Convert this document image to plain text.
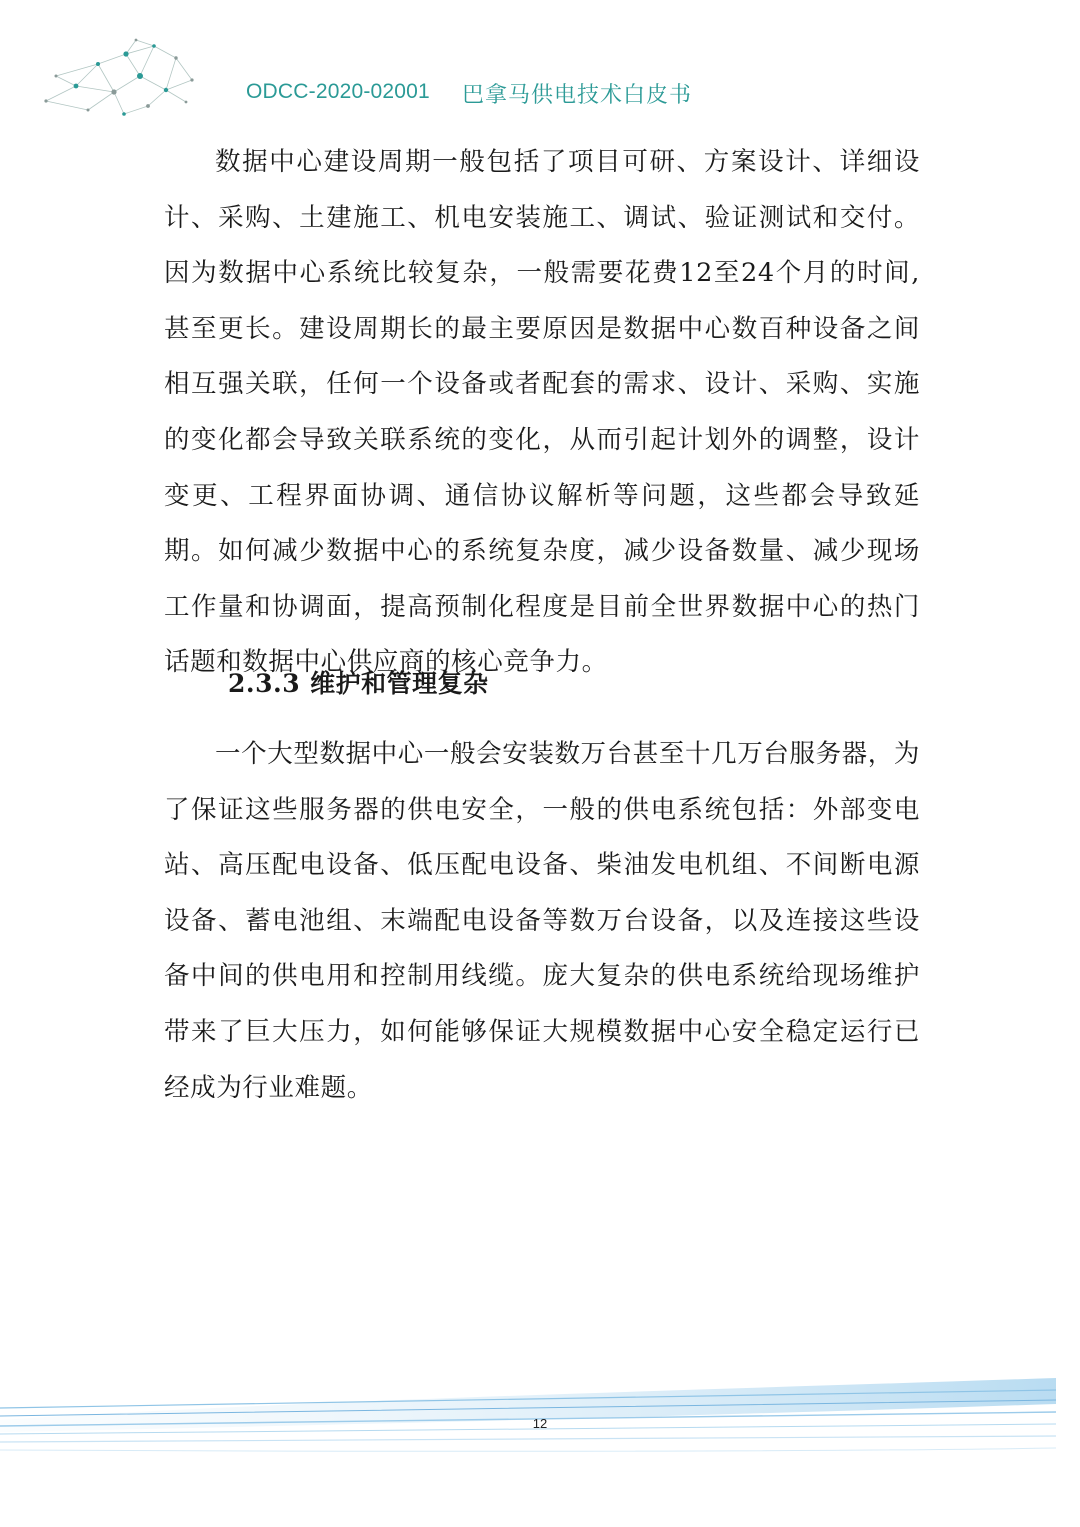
ODCC-2020-02001 巴拿马供电技术白皮书

数据中心建设周期一般包括了项目可研、方案设计、详细设计、采购、土建施工、机电安装施工、调试、验证测试和交付。因为数据中心系统比较复杂，一般需要花费12至24个月的时间, 甚至更长。建设周期长的最主要原因是数据中心数百种设备之间相互强关联，任何一个设备或者配套的需求、设计、采购、实施的变化都会导致关联系统的变化，从而引起计划外的调整，设计变更、工程界面协调、通信协议解析等问题，这些都会导致延期。如何减少数据中心的系统复杂度，减少设备数量、减少现场工作量和协调面，提高预制化程度是目前全世界数据中心的热门话题和数据中心供应商的核心竞争力。

2.3.3 维护和管理复杂

一个大型数据中心一般会安装数万台甚至十几万台服务器，为了保证这些服务器的供电安全，一般的供电系统包括：外部变电站、高压配电设备、低压配电设备、柴油发电机组、不间断电源设备、蓄电池组、末端配电设备等数万台设备，以及连接这些设备中间的供电用和控制用线缆。庞大复杂的供电系统给现场维护带来了巨大压力，如何能够保证大规模数据中心安全稳定运行已经成为行业难题。

12
